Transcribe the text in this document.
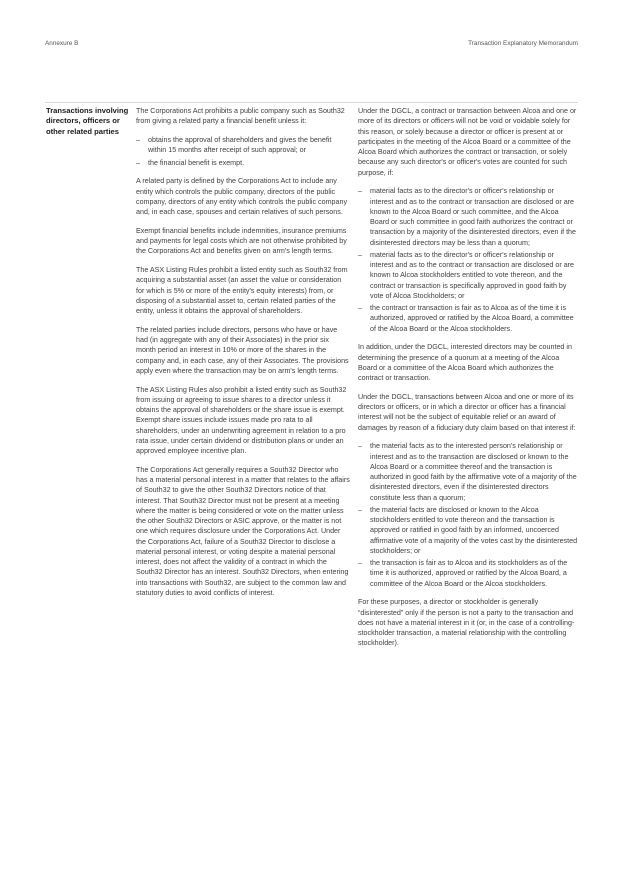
Annexure B	Transaction Explanatory Memorandum
Transactions involving directors, officers or other related parties

The Corporations Act prohibits a public company such as South32 from giving a related party a financial benefit unless it:

– obtains the approval of shareholders and gives the benefit within 15 months after receipt of such approval; or
– the financial benefit is exempt.

A related party is defined by the Corporations Act to include any entity which controls the public company, directors of the public company, directors of any entity which controls the public company and, in each case, spouses and certain relatives of such persons.

Exempt financial benefits include indemnities, insurance premiums and payments for legal costs which are not otherwise prohibited by the Corporations Act and benefits given on arm's length terms.

The ASX Listing Rules prohibit a listed entity such as South32 from acquiring a substantial asset (an asset the value or consideration for which is 5% or more of the entity's equity interests) from, or disposing of a substantial asset to, certain related parties of the entity, unless it obtains the approval of shareholders.

The related parties include directors, persons who have or have had (in aggregate with any of their Associates) in the prior six month period an interest in 10% or more of the shares in the company and, in each case, any of their Associates. The provisions apply even where the transaction may be on arm's length terms.

The ASX Listing Rules also prohibit a listed entity such as South32 from issuing or agreeing to issue shares to a director unless it obtains the approval of shareholders or the share issue is exempt. Exempt share issues include issues made pro rata to all shareholders, under an underwriting agreement in relation to a pro rata issue, under certain dividend or distribution plans or under an approved employee incentive plan.

The Corporations Act generally requires a South32 Director who has a material personal interest in a matter that relates to the affairs of South32 to give the other South32 Directors notice of that interest. That South32 Director must not be present at a meeting where the matter is being considered or vote on the matter unless the other South32 Directors or ASIC approve, or the matter is not one which requires disclosure under the Corporations Act. Under the Corporations Act, failure of a South32 Director to disclose a material personal interest, or voting despite a material personal interest, does not affect the validity of a contract in which the South32 Director has an interest. South32 Directors, when entering into transactions with South32, are subject to the common law and statutory duties to avoid conflicts of interest.

Under the DGCL, a contract or transaction between Alcoa and one or more of its directors or officers will not be void or voidable solely for this reason, or solely because a director or officer is present at or participates in the meeting of the Alcoa Board or a committee of the Alcoa Board which authorizes the contract or transaction, or solely because any such director's or officer's votes are counted for such purpose, if:

– material facts as to the director's or officer's relationship or interest and as to the contract or transaction are disclosed or are known to the Alcoa Board or such committee, and the Alcoa Board or such committee in good faith authorizes the contract or transaction by a majority of the disinterested directors, even if the disinterested directors may be less than a quorum;
– material facts as to the director's or officer's relationship or interest and as to the contract or transaction are disclosed or are known to Alcoa stockholders entitled to vote thereon, and the contract or transaction is specifically approved in good faith by vote of Alcoa Stockholders; or
– the contract or transaction is fair as to Alcoa as of the time it is authorized, approved or ratified by the Alcoa Board, a committee of the Alcoa Board or the Alcoa stockholders.

In addition, under the DGCL, interested directors may be counted in determining the presence of a quorum at a meeting of the Alcoa Board or a committee of the Alcoa Board which authorizes the contract or transaction.

Under the DGCL, transactions between Alcoa and one or more of its directors or officers, or in which a director or officer has a financial interest will not be the subject of equitable relief or an award of damages by reason of a fiduciary duty claim based on that interest if:

– the material facts as to the interested person's relationship or interest and as to the transaction are disclosed or known to the Alcoa Board or a committee thereof and the transaction is authorized in good faith by the affirmative vote of a majority of the disinterested directors, even if the disinterested directors constitute less than a quorum;
– the material facts are disclosed or known to the Alcoa stockholders entitled to vote thereon and the transaction is approved or ratified in good faith by an informed, uncoerced affirmative vote of a majority of the votes cast by the disinterested stockholders; or
– the transaction is fair as to Alcoa and its stockholders as of the time it is authorized, approved or ratified by the Alcoa Board, a committee of the Alcoa Board or the Alcoa stockholders.

For these purposes, a director or stockholder is generally “disinterested” only if the person is not a party to the transaction and does not have a material interest in it (or, in the case of a controlling-stockholder transaction, a material relationship with the controlling stockholder).
